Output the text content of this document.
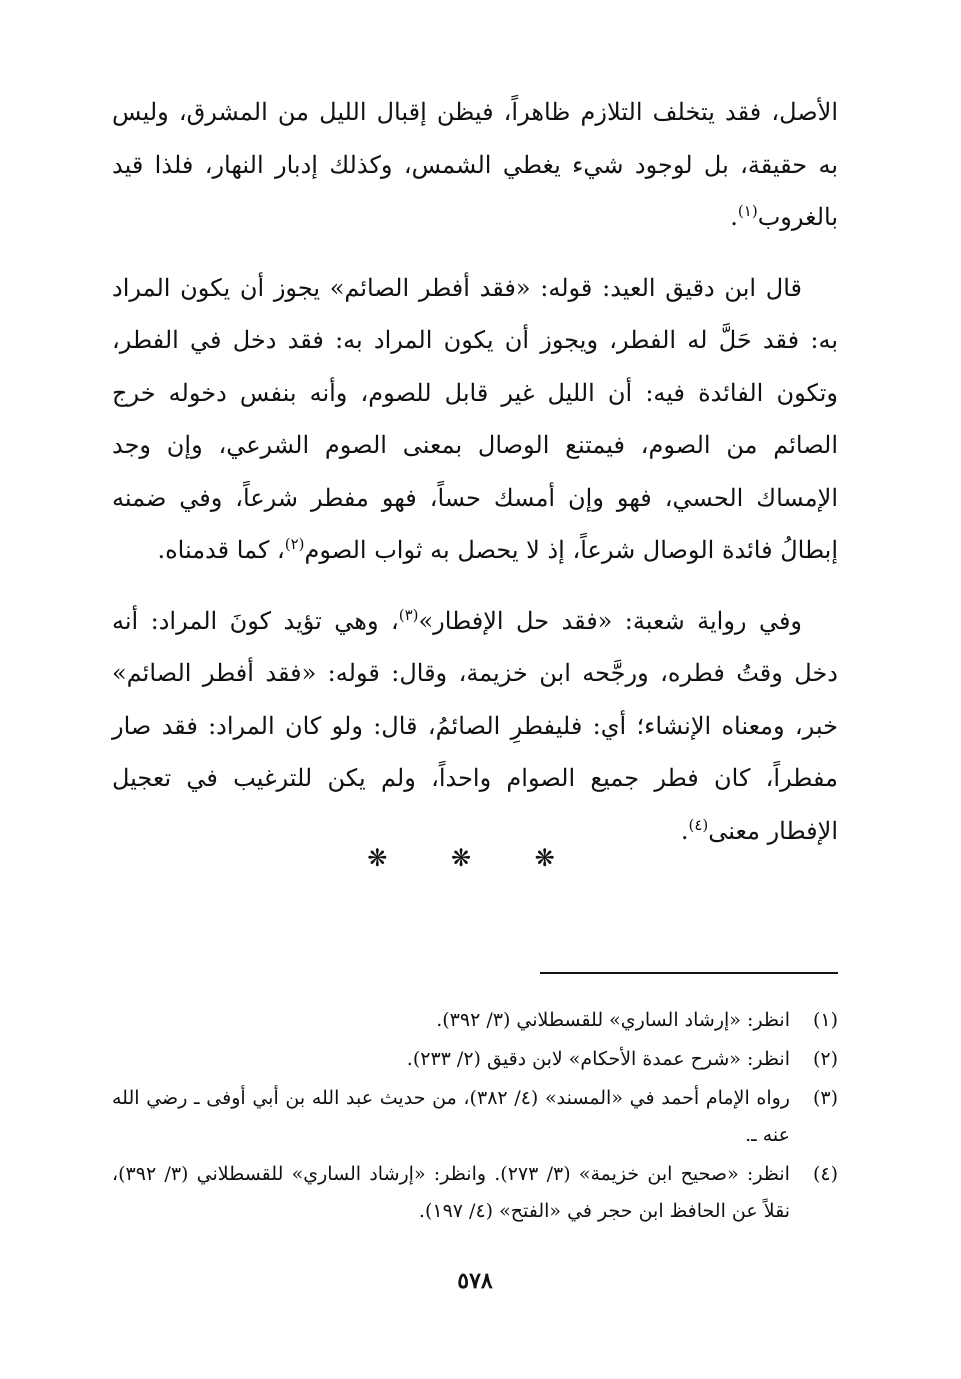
الأصل، فقد يتخلف التلازم ظاهراً، فيظن إقبال الليل من المشرق، وليس به حقيقة، بل لوجود شيء يغطي الشمس، وكذلك إدبار النهار، فلذا قيد بالغروب$^{(١)}$.

قال ابن دقيق العيد: قوله: «فقد أفطر الصائم» يجوز أن يكون المراد به: فقد حَلَّ له الفطر، ويجوز أن يكون المراد به: فقد دخل في الفطر، وتكون الفائدة فيه: أن الليل غير قابل للصوم، وأنه بنفس دخوله خرج الصائم من الصوم، فيمتنع الوصال بمعنى الصوم الشرعي، وإن وجد الإمساك الحسي، فهو وإن أمسك حساً، فهو مفطر شرعاً، وفي ضمنه إبطالُ فائدة الوصال شرعاً، إذ لا يحصل به ثواب الصوم$^{(٢)}$، كما قدمناه.

وفي رواية شعبة: «فقد حل الإفطار»$^{(٣)}$، وهي تؤيد كونَ المراد: أنه دخل وقتُ فطره، ورجَّحه ابن خزيمة، وقال: قوله: «فقد أفطر الصائم» خبر، ومعناه الإنشاء؛ أي: فليفطرِ الصائمُ، قال: ولو كان المراد: فقد صار مفطراً، كان فطر جميع الصوام واحداً، ولم يكن للترغيب في تعجيل الإفطار معنى$^{(٤)}$.

❋ ❋ ❋
(١)
انظر: «إرشاد الساري» للقسطلاني (٣/ ٣٩٢).
(٢)
انظر: «شرح عمدة الأحكام» لابن دقيق (٢/ ٢٣٣).
(٣)
رواه الإمام أحمد في «المسند» (٤/ ٣٨٢)، من حديث عبد الله بن أبي أوفى ـ رضي الله عنه ـ.
(٤)
انظر: «صحيح ابن خزيمة» (٣/ ٢٧٣). وانظر: «إرشاد الساري» للقسطلاني (٣/ ٣٩٢)، نقلاً عن الحافظ ابن حجر في «الفتح» (٤/ ١٩٧).
٥٧٨
